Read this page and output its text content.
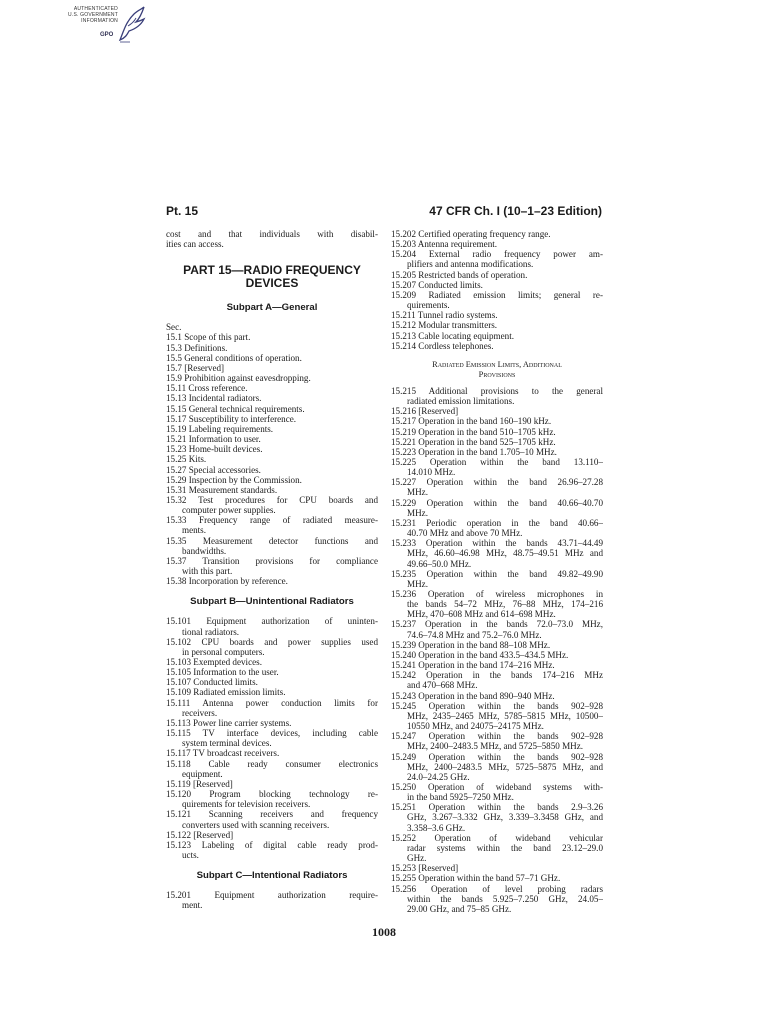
AUTHENTICATED
U.S. GOVERNMENT
INFORMATION
GPO
Pt. 15	47 CFR Ch. I (10–1–23 Edition)
cost and that individuals with disabil-
ities can access.
PART 15—RADIO FREQUENCY
DEVICES
Subpart A—General
Sec.
15.1 Scope of this part.
15.3 Definitions.
15.5 General conditions of operation.
15.7 [Reserved]
15.9 Prohibition against eavesdropping.
15.11 Cross reference.
15.13 Incidental radiators.
15.15 General technical requirements.
15.17 Susceptibility to interference.
15.19 Labeling requirements.
15.21 Information to user.
15.23 Home-built devices.
15.25 Kits.
15.27 Special accessories.
15.29 Inspection by the Commission.
15.31 Measurement standards.
15.32 Test procedures for CPU boards and
computer power supplies.
15.33 Frequency range of radiated measure-
ments.
15.35 Measurement detector functions and
bandwidths.
15.37 Transition provisions for compliance
with this part.
15.38 Incorporation by reference.
Subpart B—Unintentional Radiators
15.101 Equipment authorization of uninten-
tional radiators.
15.102 CPU boards and power supplies used
in personal computers.
15.103 Exempted devices.
15.105 Information to the user.
15.107 Conducted limits.
15.109 Radiated emission limits.
15.111 Antenna power conduction limits for
receivers.
15.113 Power line carrier systems.
15.115 TV interface devices, including cable
system terminal devices.
15.117 TV broadcast receivers.
15.118 Cable ready consumer electronics
equipment.
15.119 [Reserved]
15.120 Program blocking technology re-
quirements for television receivers.
15.121 Scanning receivers and frequency
converters used with scanning receivers.
15.122 [Reserved]
15.123 Labeling of digital cable ready prod-
ucts.
Subpart C—Intentional Radiators
15.201 Equipment authorization require-
ment.
15.202 Certified operating frequency range.
15.203 Antenna requirement.
15.204 External radio frequency power am-
plifiers and antenna modifications.
15.205 Restricted bands of operation.
15.207 Conducted limits.
15.209 Radiated emission limits; general re-
quirements.
15.211 Tunnel radio systems.
15.212 Modular transmitters.
15.213 Cable locating equipment.
15.214 Cordless telephones.
Radiated Emission Limits, Additional
Provisions
15.215 Additional provisions to the general
radiated emission limitations.
15.216 [Reserved]
15.217 Operation in the band 160–190 kHz.
15.219 Operation in the band 510–1705 kHz.
15.221 Operation in the band 525–1705 kHz.
15.223 Operation in the band 1.705–10 MHz.
15.225 Operation within the band 13.110–
14.010 MHz.
15.227 Operation within the band 26.96–27.28
MHz.
15.229 Operation within the band 40.66–40.70
MHz.
15.231 Periodic operation in the band 40.66–
40.70 MHz and above 70 MHz.
15.233 Operation within the bands 43.71–44.49
MHz, 46.60–46.98 MHz, 48.75–49.51 MHz and
49.66–50.0 MHz.
15.235 Operation within the band 49.82–49.90
MHz.
15.236 Operation of wireless microphones in
the bands 54–72 MHz, 76–88 MHz, 174–216
MHz, 470–608 MHz and 614–698 MHz.
15.237 Operation in the bands 72.0–73.0 MHz,
74.6–74.8 MHz and 75.2–76.0 MHz.
15.239 Operation in the band 88–108 MHz.
15.240 Operation in the band 433.5–434.5 MHz.
15.241 Operation in the band 174–216 MHz.
15.242 Operation in the bands 174–216 MHz
and 470–668 MHz.
15.243 Operation in the band 890–940 MHz.
15.245 Operation within the bands 902–928
MHz, 2435–2465 MHz, 5785–5815 MHz, 10500–
10550 MHz, and 24075–24175 MHz.
15.247 Operation within the bands 902–928
MHz, 2400–2483.5 MHz, and 5725–5850 MHz.
15.249 Operation within the bands 902–928
MHz, 2400–2483.5 MHz, 5725–5875 MHz, and
24.0–24.25 GHz.
15.250 Operation of wideband systems with-
in the band 5925–7250 MHz.
15.251 Operation within the bands 2.9–3.26
GHz, 3.267–3.332 GHz, 3.339–3.3458 GHz, and
3.358–3.6 GHz.
15.252 Operation of wideband vehicular
radar systems within the band 23.12–29.0
GHz.
15.253 [Reserved]
15.255 Operation within the band 57–71 GHz.
15.256 Operation of level probing radars
within the bands 5.925–7.250 GHz, 24.05–
29.00 GHz, and 75–85 GHz.
1008
